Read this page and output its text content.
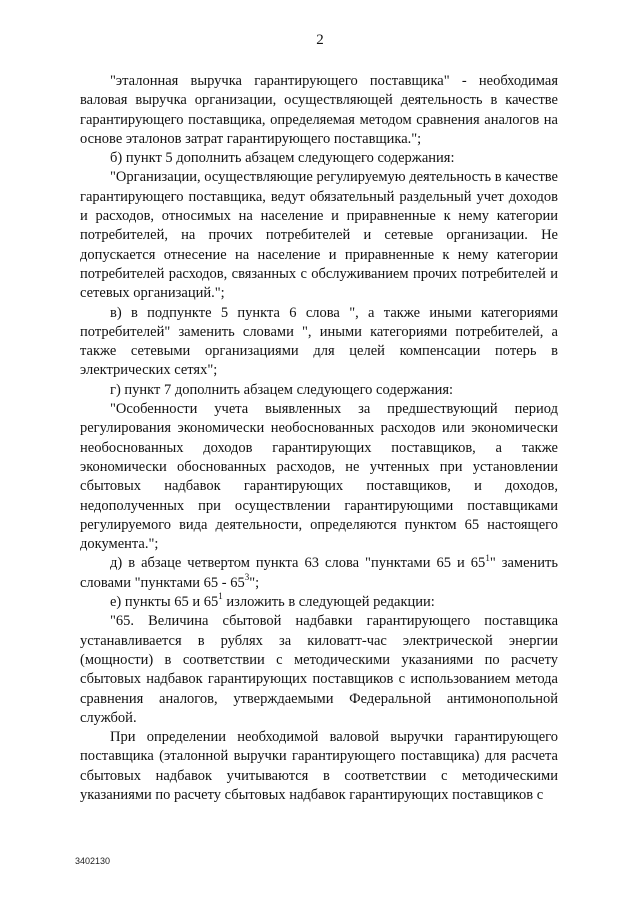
2

"эталонная выручка гарантирующего поставщика" - необходимая валовая выручка организации, осуществляющей деятельность в качестве гарантирующего поставщика, определяемая методом сравнения аналогов на основе эталонов затрат гарантирующего поставщика.";

б) пункт 5 дополнить абзацем следующего содержания:

"Организации, осуществляющие регулируемую деятельность в качестве гарантирующего поставщика, ведут обязательный раздельный учет доходов и расходов, относимых на население и приравненные к нему категории потребителей, на прочих потребителей и сетевые организации. Не допускается отнесение на население и приравненные к нему категории потребителей расходов, связанных с обслуживанием прочих потребителей и сетевых организаций.";

в) в подпункте 5 пункта 6 слова ", а также иными категориями потребителей" заменить словами ", иными категориями потребителей, а также сетевыми организациями для целей компенсации потерь в электрических сетях";

г) пункт 7 дополнить абзацем следующего содержания:

"Особенности учета выявленных за предшествующий период регулирования экономически необоснованных расходов или экономически необоснованных доходов гарантирующих поставщиков, а также экономически обоснованных расходов, не учтенных при установлении сбытовых надбавок гарантирующих поставщиков, и доходов, недополученных при осуществлении гарантирующими поставщиками регулируемого вида деятельности, определяются пунктом 65 настоящего документа.";

д) в абзаце четвертом пункта 63 слова "пунктами 65 и $65^1$" заменить словами "пунктами $65 - 65^3$";

е) пункты 65 и $65^1$ изложить в следующей редакции:

"65. Величина сбытовой надбавки гарантирующего поставщика устанавливается в рублях за киловатт-час электрической энергии (мощности) в соответствии с методическими указаниями по расчету сбытовых надбавок гарантирующих поставщиков с использованием метода сравнения аналогов, утверждаемыми Федеральной антимонопольной службой.

При определении необходимой валовой выручки гарантирующего поставщика (эталонной выручки гарантирующего поставщика) для расчета сбытовых надбавок учитываются в соответствии с методическими указаниями по расчету сбытовых надбавок гарантирующих поставщиков с

3402130
